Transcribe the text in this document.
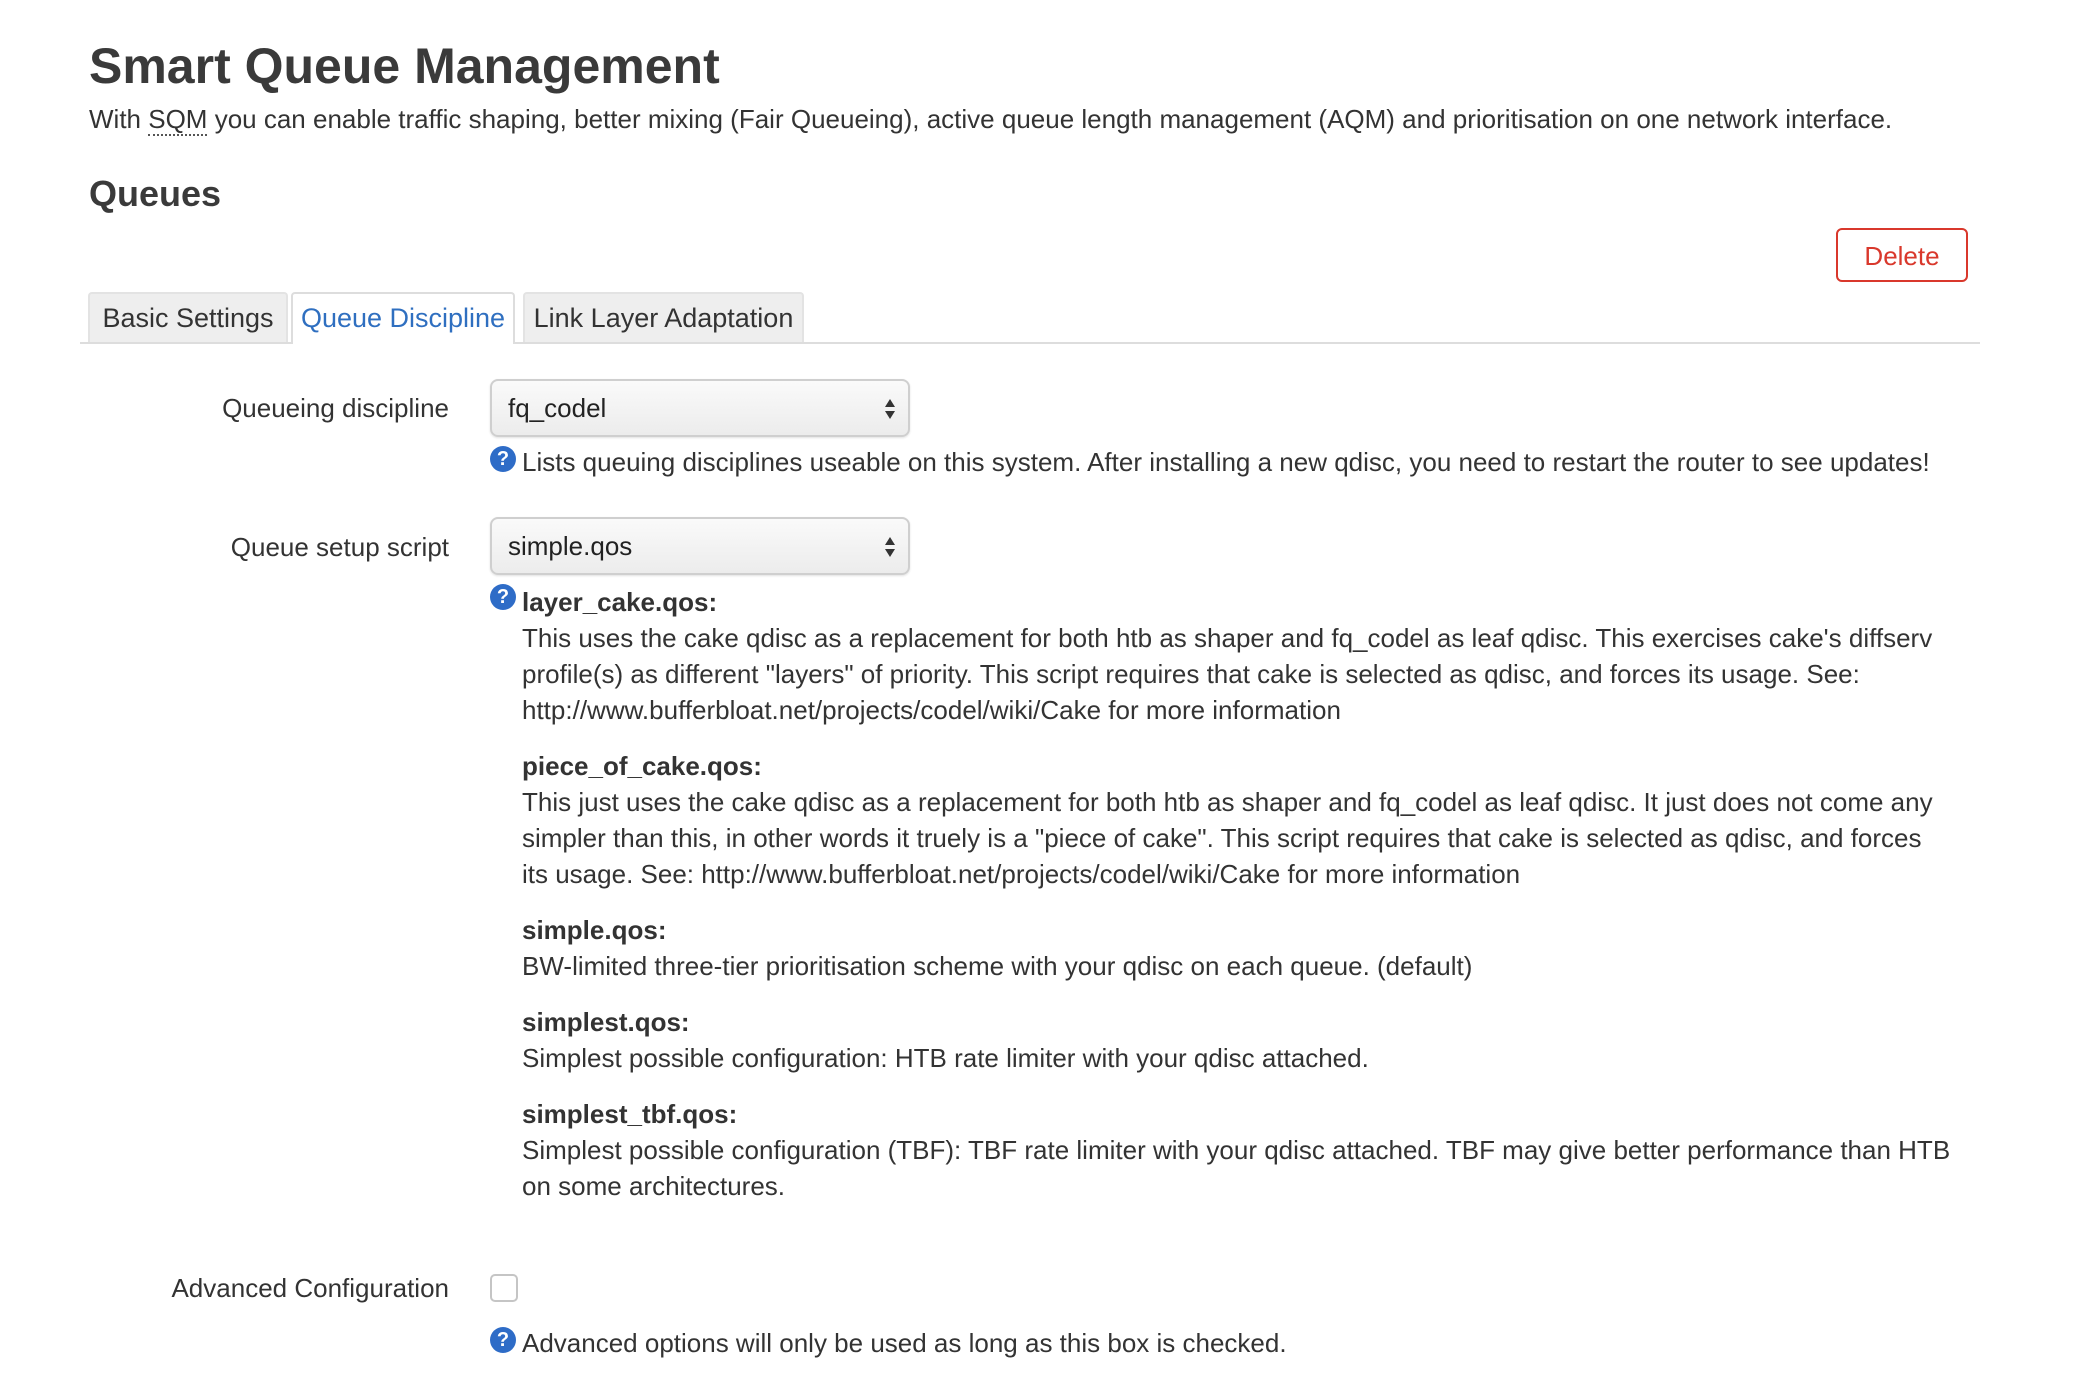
Smart Queue Management
With SQM you can enable traffic shaping, better mixing (Fair Queueing), active queue length management (AQM) and prioritisation on one network interface.
Queues
Delete
Basic Settings	Queue Discipline	Link Layer Adaptation
Queueing discipline	fq_codel
? Lists queuing disciplines useable on this system. After installing a new qdisc, you need to restart the router to see updates!
Queue setup script	simple.qos
? layer_cake.qos:
This uses the cake qdisc as a replacement for both htb as shaper and fq_codel as leaf qdisc. This exercises cake's diffserv
profile(s) as different "layers" of priority. This script requires that cake is selected as qdisc, and forces its usage. See:
http://www.bufferbloat.net/projects/codel/wiki/Cake for more information
piece_of_cake.qos:
This just uses the cake qdisc as a replacement for both htb as shaper and fq_codel as leaf qdisc. It just does not come any
simpler than this, in other words it truely is a "piece of cake". This script requires that cake is selected as qdisc, and forces
its usage. See: http://www.bufferbloat.net/projects/codel/wiki/Cake for more information
simple.qos:
BW-limited three-tier prioritisation scheme with your qdisc on each queue. (default)
simplest.qos:
Simplest possible configuration: HTB rate limiter with your qdisc attached.
simplest_tbf.qos:
Simplest possible configuration (TBF): TBF rate limiter with your qdisc attached. TBF may give better performance than HTB
on some architectures.
Advanced Configuration
? Advanced options will only be used as long as this box is checked.
